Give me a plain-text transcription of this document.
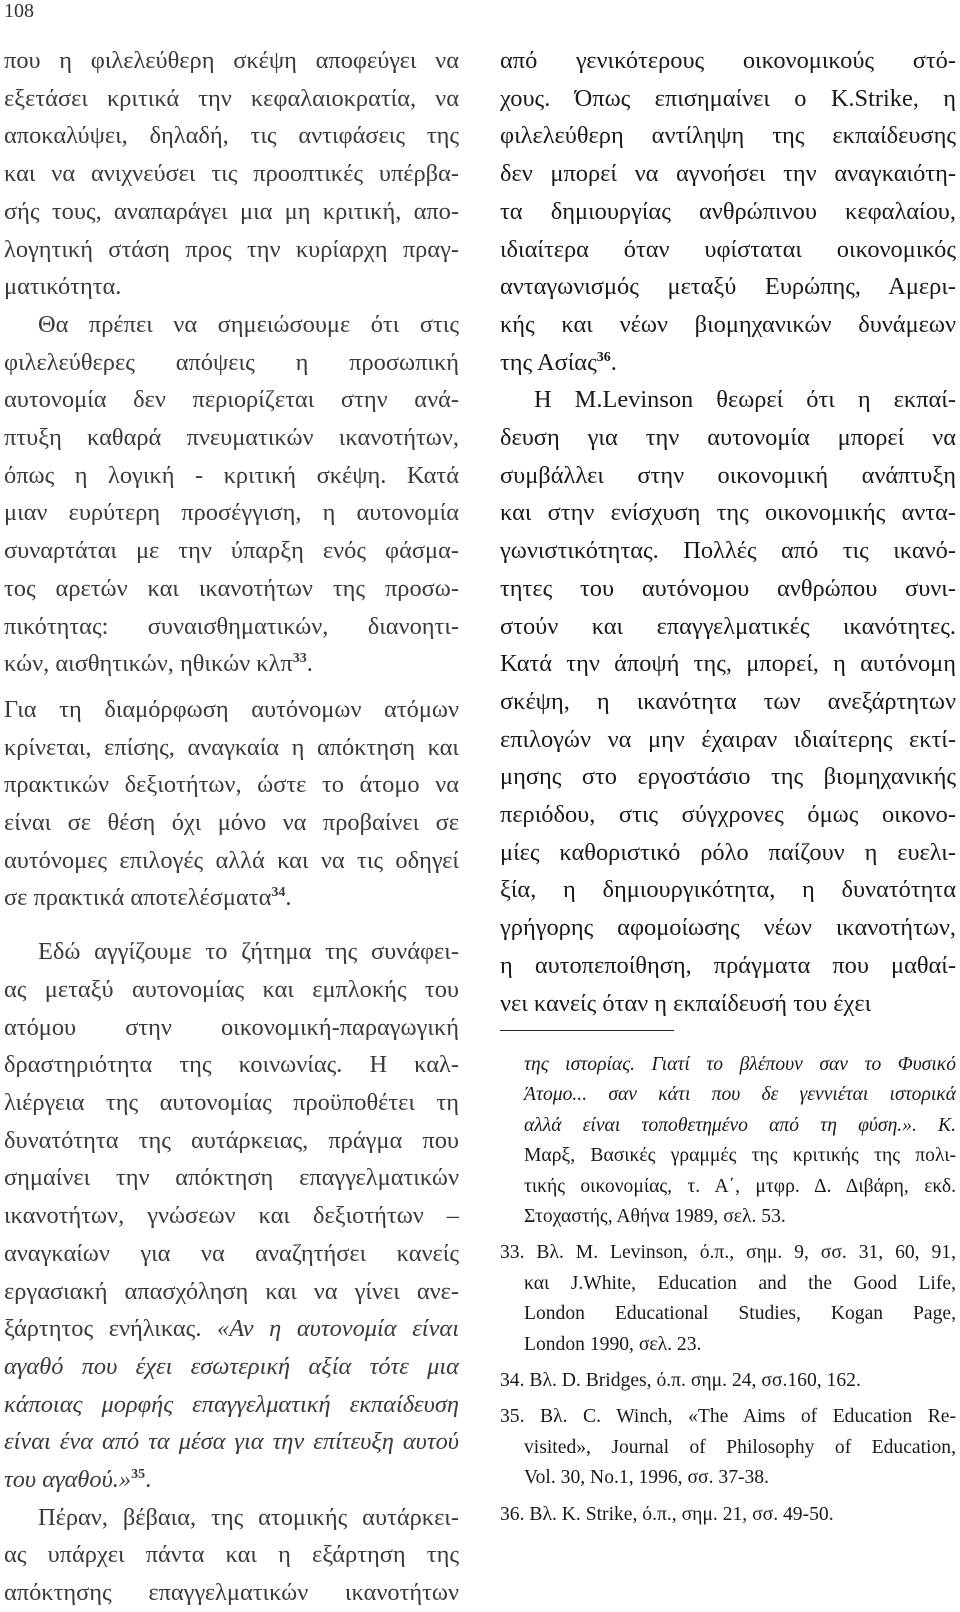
108
που η φιλελεύθερη σκέψη αποφεύγει να
εξετάσει κριτικά την κεφαλαιοκρατία, να
αποκαλύψει, δηλαδή, τις αντιφάσεις της
και να ανιχνεύσει τις προοπτικές υπέρβα-
σής τους, αναπαράγει μια μη κριτική, απο-
λογητική στάση προς την κυρίαρχη πραγ-
ματικότητα.
Θα πρέπει να σημειώσουμε ότι στις
φιλελεύθερες απόψεις η προσωπική
αυτονομία δεν περιορίζεται στην ανά-
πτυξη καθαρά πνευματικών ικανοτήτων,
όπως η λογική - κριτική σκέψη. Κατά
μιαν ευρύτερη προσέγγιση, η αυτονομία
συναρτάται με την ύπαρξη ενός φάσμα-
τος αρετών και ικανοτήτων της προσω-
πικότητας: συναισθηματικών, διανοητι-
κών, αισθητικών, ηθικών κλπ$^{33}$.
Για τη διαμόρφωση αυτόνομων ατόμων
κρίνεται, επίσης, αναγκαία η απόκτηση και
πρακτικών δεξιοτήτων, ώστε το άτομο να
είναι σε θέση όχι μόνο να προβαίνει σε
αυτόνομες επιλογές αλλά και να τις οδηγεί
σε πρακτικά αποτελέσματα$^{34}$.
Εδώ αγγίζουμε το ζήτημα της συνάφει-
ας μεταξύ αυτονομίας και εμπλοκής του
ατόμου στην οικονομική-παραγωγική
δραστηριότητα της κοινωνίας. Η καλ-
λιέργεια της αυτονομίας προϋποθέτει τη
δυνατότητα της αυτάρκειας, πράγμα που
σημαίνει την απόκτηση επαγγελματικών
ικανοτήτων, γνώσεων και δεξιοτήτων –
αναγκαίων για να αναζητήσει κανείς
εργασιακή απασχόληση και να γίνει ανε-
ξάρτητος ενήλικας. «Αν η αυτονομία είναι
αγαθό που έχει εσωτερική αξία τότε μια
κάποιας μορφής επαγγελματική εκπαίδευση
είναι ένα από τα μέσα για την επίτευξη αυτού
του αγαθού.»$^{35}$.
Πέραν, βέβαια, της ατομικής αυτάρκει-
ας υπάρχει πάντα και η εξάρτηση της
απόκτησης επαγγελματικών ικανοτήτων
από γενικότερους οικονομικούς στό-
χους. Όπως επισημαίνει ο K.Strike, η
φιλελεύθερη αντίληψη της εκπαίδευσης
δεν μπορεί να αγνοήσει την αναγκαιότη-
τα δημιουργίας ανθρώπινου κεφαλαίου,
ιδιαίτερα όταν υφίσταται οικονομικός
ανταγωνισμός μεταξύ Ευρώπης, Αμερι-
κής και νέων βιομηχανικών δυνάμεων
της Ασίας$^{36}$.
Η M.Levinson θεωρεί ότι η εκπαί-
δευση για την αυτονομία μπορεί να
συμβάλλει στην οικονομική ανάπτυξη
και στην ενίσχυση της οικονομικής αντα-
γωνιστικότητας. Πολλές από τις ικανό-
τητες του αυτόνομου ανθρώπου συνι-
στούν και επαγγελματικές ικανότητες.
Κατά την άποψή της, μπορεί, η αυτόνομη
σκέψη, η ικανότητα των ανεξάρτητων
επιλογών να μην έχαιραν ιδιαίτερης εκτί-
μησης στο εργοστάσιο της βιομηχανικής
περιόδου, στις σύγχρονες όμως οικονο-
μίες καθοριστικό ρόλο παίζουν η ευελι-
ξία, η δημιουργικότητα, η δυνατότητα
γρήγορης αφομοίωσης νέων ικανοτήτων,
η αυτοπεποίθηση, πράγματα που μαθαί-
νει κανείς όταν η εκπαίδευσή του έχει
της ιστορίας. Γιατί το βλέπουν σαν το Φυσικό
Άτομο... σαν κάτι που δε γεννιέται ιστορικά
αλλά είναι τοποθετημένο από τη φύση.». Κ.
Μαρξ, Βασικές γραμμές της κριτικής της πολι-
τικής οικονομίας, τ. Α΄, μτφρ. Δ. Διβάρη, εκδ.
Στοχαστής, Αθήνα 1989, σελ. 53.
33. Βλ. Μ. Levinson, ό.π., σημ. 9, σσ. 31, 60, 91,
και J.White, Education and the Good Life,
London Educational Studies, Kogan Page,
London 1990, σελ. 23.
34. Βλ. D. Bridges, ό.π. σημ. 24, σσ.160, 162.
35. Βλ. C. Winch, «The Aims of Education Re-
visited», Journal of Philosophy of Education,
Vol. 30, No.1, 1996, σσ. 37-38.
36. Βλ. K. Strike, ό.π., σημ. 21, σσ. 49-50.
